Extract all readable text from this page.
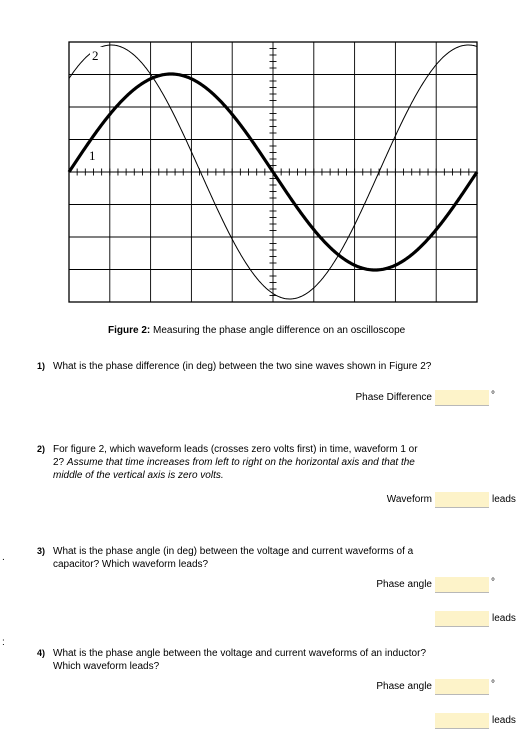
2
1
Figure 2: Measuring the phase angle difference on an oscilloscope
1) What is the phase difference (in deg) between the two sine waves shown in Figure 2?
Phase Difference	°
2) For figure 2, which waveform leads (crosses zero volts first) in time, waveform 1 or 2? Assume that time increases from left to right on the horizontal axis and that the middle of the vertical axis is zero volts.
Waveform	leads
3) What is the phase angle (in deg) between the voltage and current waveforms of a capacitor? Which waveform leads?
Phase angle	°
leads
4) What is the phase angle between the voltage and current waveforms of an inductor? Which waveform leads?
Phase angle	°
leads
.
:
